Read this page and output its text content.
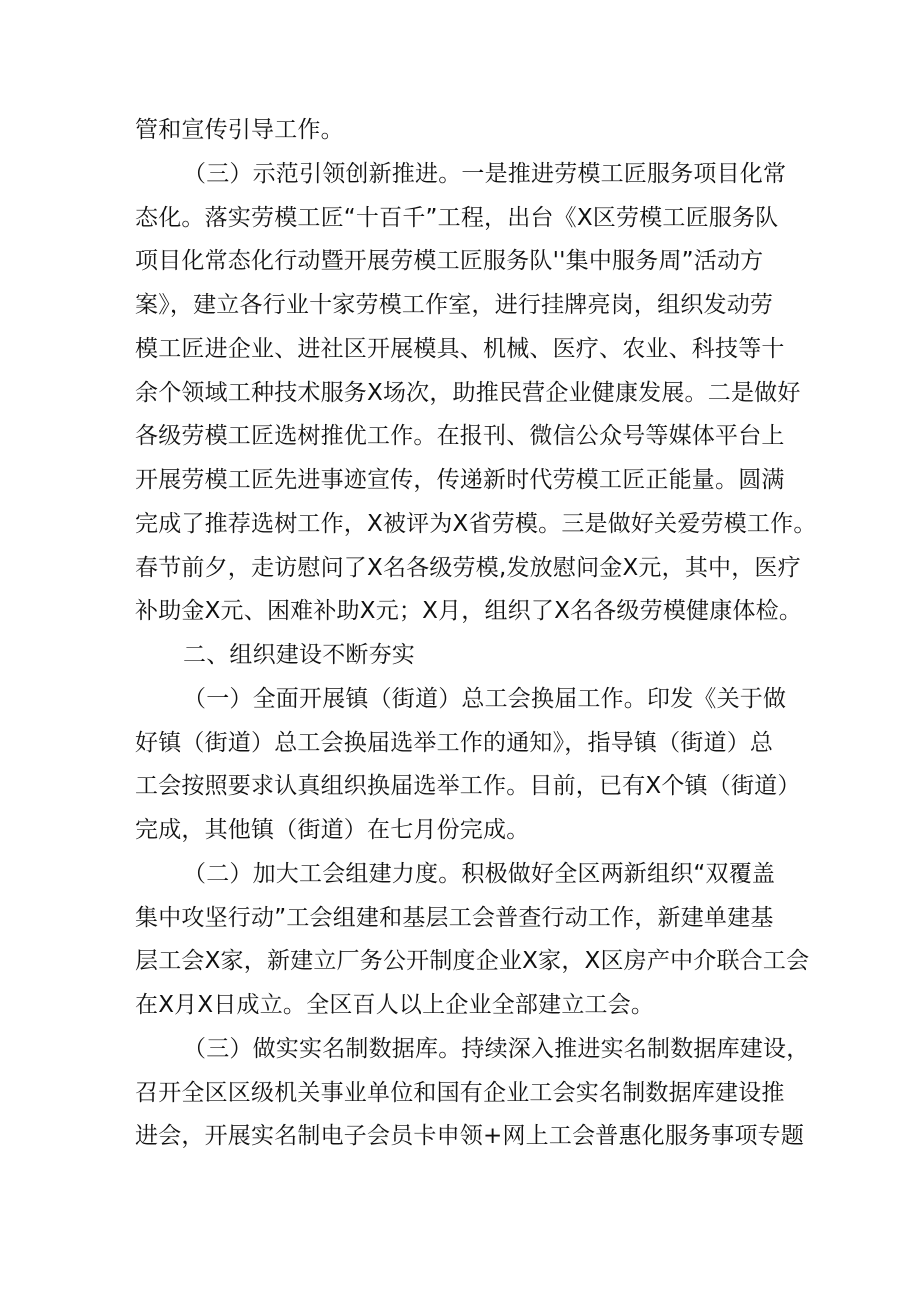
管和宣传引导工作。
（三）示范引领创新推进。一是推进劳模工匠服务项目化常
态化。落实劳模工匠“十百千”工程，出台《X区劳模工匠服务队
项目化常态化行动暨开展劳模工匠服务队''集中服务周”活动方
案》，建立各行业十家劳模工作室，进行挂牌亮岗，组织发动劳
模工匠进企业、进社区开展模具、机械、医疗、农业、科技等十
余个领域工种技术服务X场次，助推民营企业健康发展。二是做好
各级劳模工匠选树推优工作。在报刊、微信公众号等媒体平台上
开展劳模工匠先进事迹宣传，传递新时代劳模工匠正能量。圆满
完成了推荐选树工作，X被评为X省劳模。三是做好关爱劳模工作。
春节前夕，走访慰问了X名各级劳模,发放慰问金X元，其中，医疗
补助金X元、困难补助X元；X月，组织了X名各级劳模健康体检。
二、组织建设不断夯实
（一）全面开展镇（街道）总工会换届工作。印发《关于做
好镇（街道）总工会换届选举工作的通知》，指导镇（街道）总
工会按照要求认真组织换届选举工作。目前，已有X个镇（街道）
完成，其他镇（街道）在七月份完成。
（二）加大工会组建力度。积极做好全区两新组织“双覆盖
集中攻坚行动”工会组建和基层工会普查行动工作，新建单建基
层工会X家，新建立厂务公开制度企业X家，X区房产中介联合工会
在X月X日成立。全区百人以上企业全部建立工会。
（三）做实实名制数据库。持续深入推进实名制数据库建设，
召开全区区级机关事业单位和国有企业工会实名制数据库建设推
进会，开展实名制电子会员卡申领+网上工会普惠化服务事项专题
